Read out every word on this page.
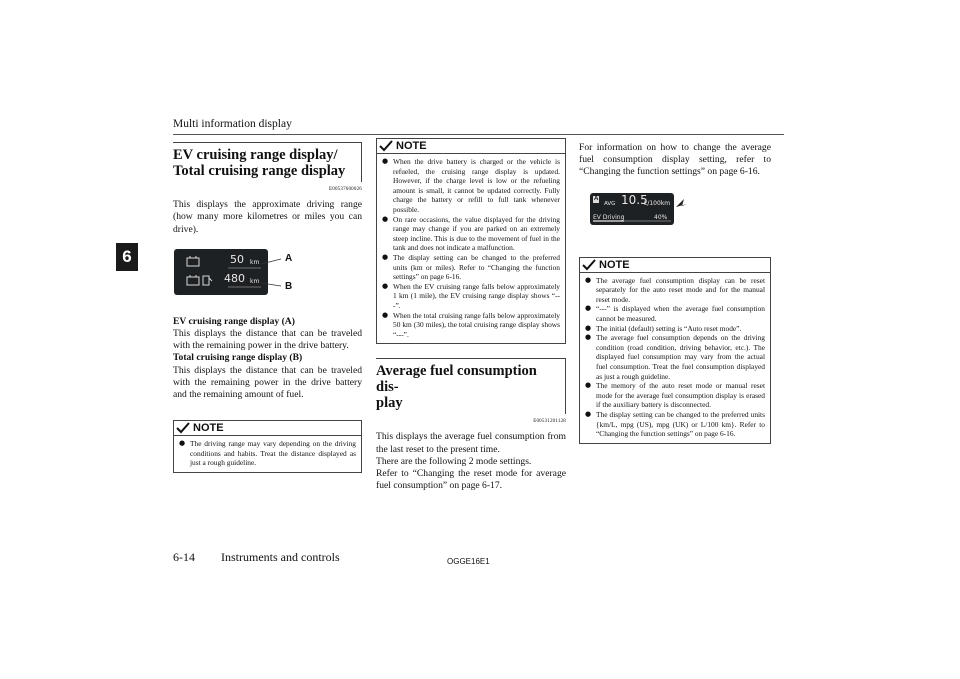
Multi information display
6

EV cruising range display/

Total cruising range display

E00537600026

This displays the approximate driving range (how many more kilometres or miles you can drive).

50 km
480 km
A
B

EV cruising range display (A)

This displays the distance that can be traveled with the remaining power in the drive battery.

Total cruising range display (B)

This displays the distance that can be traveled with the remaining power in the drive battery and the remaining amount of fuel.

NOTE
● The driving range may vary depending on the driving conditions and habits. Treat the distance displayed as just a rough guideline.
NOTE
● When the drive battery is charged or the vehicle is refueled, the cruising range display is updated. However, if the charge level is low or the refueling amount is small, it cannot be updated correctly. Fully charge the battery or refill to full tank whenever possible.
● On rare occasions, the value displayed for the driving range may change if you are parked on an extremely steep incline. This is due to the movement of fuel in the tank and does not indicate a malfunction.
● The display setting can be changed to the preferred units (km or miles). Refer to “Changing the function settings” on page 6-16.
● When the EV cruising range falls below approximately 1 km (1 mile), the EV cruising range display shows “---”.
● When the total cruising range falls below approximately 50 km (30 miles), the total cruising range display shows “---”.

Average fuel consumption dis-

play

E00531201128

This displays the average fuel consumption from the last reset to the present time.

There are the following 2 mode settings.

Refer to “Changing the reset mode for average fuel consumption” on page 6-17.

For information on how to change the average fuel consumption display setting, refer to “Changing the function settings” on page 6-16.

A
AVG 10.5
L/100km
EV Driving	40%
NOTE
● The average fuel consumption display can be reset separately for the auto reset mode and for the manual reset mode.
● “---” is displayed when the average fuel consumption cannot be measured.
● The initial (default) setting is “Auto reset mode”.
● The average fuel consumption depends on the driving condition (road condition, driving behavior, etc.). The displayed fuel consumption may vary from the actual fuel consumption. Treat the fuel consumption displayed as just a rough guideline.
● The memory of the auto reset mode or manual reset mode for the average fuel consumption display is erased if the auxiliary battery is disconnected.
● The display setting can be changed to the preferred units {km/L, mpg (US), mpg (UK) or L/100 km}. Refer to “Changing the function settings” on page 6-16.
6-14 Instruments and controls	OGGE16E1
